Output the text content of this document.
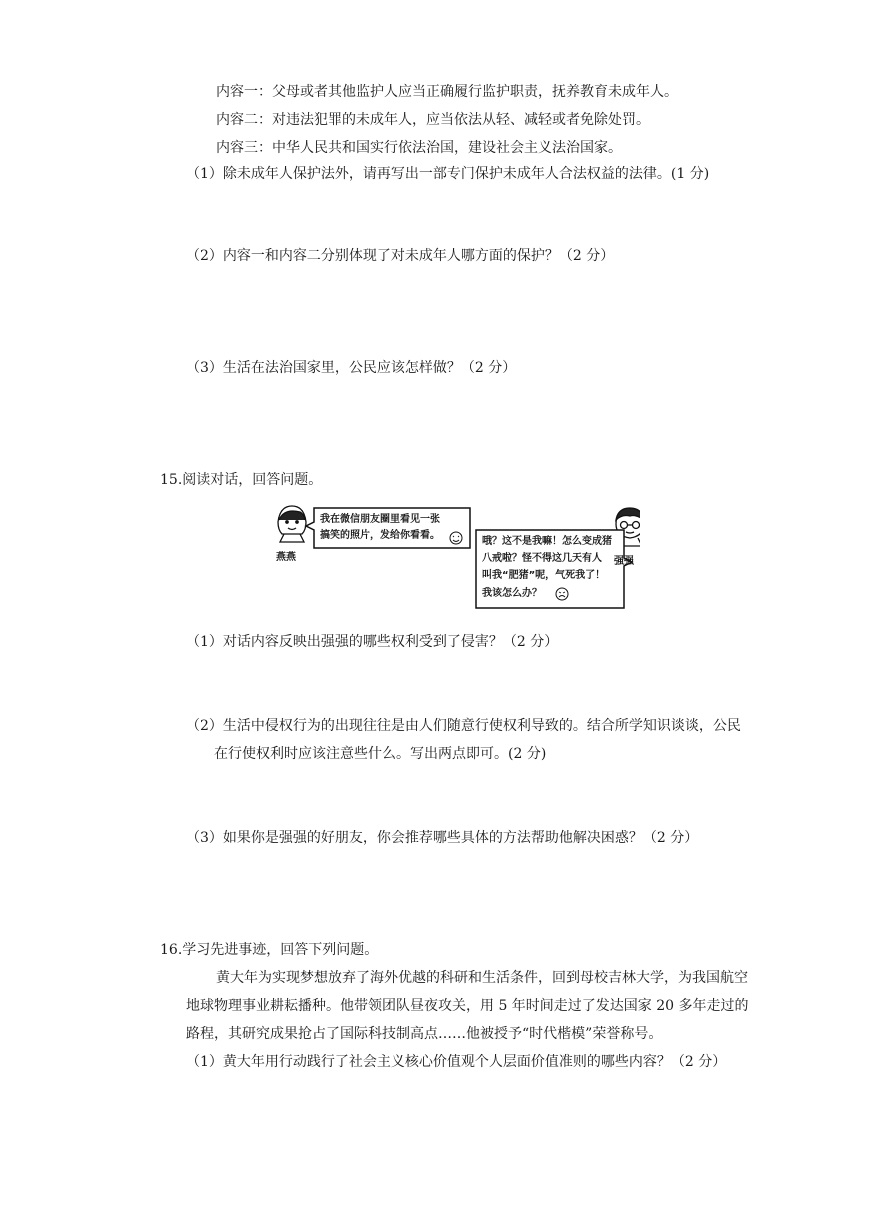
内容一：父母或者其他监护人应当正确履行监护职责，抚养教育未成年人。
内容二：对违法犯罪的未成年人，应当依法从轻、减轻或者免除处罚。
内容三：中华人民共和国实行依法治国，建设社会主义法治国家。
（1）除未成年人保护法外，请再写出一部专门保护未成年人合法权益的法律。(1 分)
（2）内容一和内容二分别体现了对未成年人哪方面的保护？（2 分）
（3）生活在法治国家里，公民应该怎样做？（2 分）
15.阅读对话，回答问题。
燕燕
我在微信朋友圈里看见一张
搞笑的照片，发给你看看。
强强
哦？这不是我嘛！怎么变成猪
八戒啦？怪不得这几天有人
叫我“肥猪”呢，气死我了！
我该怎么办？
（1）对话内容反映出强强的哪些权利受到了侵害？（2 分）
（2）生活中侵权行为的出现往往是由人们随意行使权利导致的。结合所学知识谈谈，公民
在行使权利时应该注意些什么。写出两点即可。(2 分)
（3）如果你是强强的好朋友，你会推荐哪些具体的方法帮助他解决困惑？（2 分）
16.学习先进事迹，回答下列问题。
黄大年为实现梦想放弃了海外优越的科研和生活条件，回到母校吉林大学，为我国航空
地球物理事业耕耘播种。他带领团队昼夜攻关，用 5 年时间走过了发达国家 20 多年走过的
路程，其研究成果抢占了国际科技制高点……他被授予“时代楷模”荣誉称号。
（1）黄大年用行动践行了社会主义核心价值观个人层面价值准则的哪些内容？（2 分）
